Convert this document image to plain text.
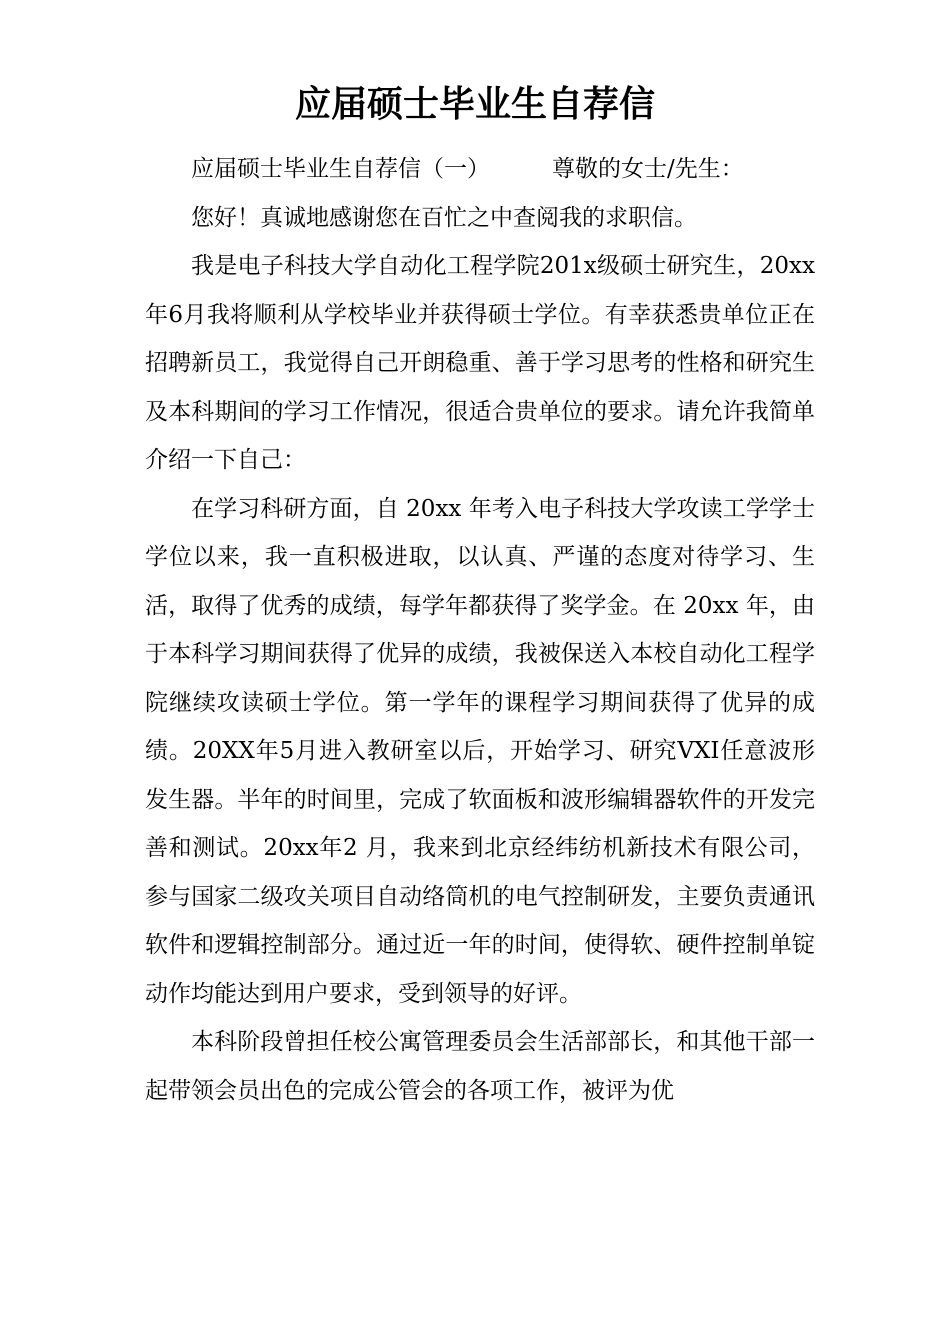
应届硕士毕业生自荐信

应届硕士毕业生自荐信（一）	尊敬的女士/先生：

您好！真诚地感谢您在百忙之中查阅我的求职信。

我是电子科技大学自动化工程学院201x级硕士研究生，20xx年6月我将顺利从学校毕业并获得硕士学位。有幸获悉贵单位正在招聘新员工，我觉得自己开朗稳重、善于学习思考的性格和研究生及本科期间的学习工作情况，很适合贵单位的要求。请允许我简单介绍一下自己：

在学习科研方面，自 20xx 年考入电子科技大学攻读工学学士学位以来，我一直积极进取，以认真、严谨的态度对待学习、生活，取得了优秀的成绩，每学年都获得了奖学金。在 20xx 年，由于本科学习期间获得了优异的成绩，我被保送入本校自动化工程学院继续攻读硕士学位。第一学年的课程学习期间获得了优异的成绩。20XX年5月进入教研室以后，开始学习、研究VXI任意波形发生器。半年的时间里，完成了软面板和波形编辑器软件的开发完善和测试。20xx年2 月，我来到北京经纬纺机新技术有限公司，参与国家二级攻关项目自动络筒机的电气控制研发，主要负责通讯软件和逻辑控制部分。通过近一年的时间，使得软、硬件控制单锭动作均能达到用户要求，受到领导的好评。

本科阶段曾担任校公寓管理委员会生活部部长，和其他干部一起带领会员出色的完成公管会的各项工作，被评为优
